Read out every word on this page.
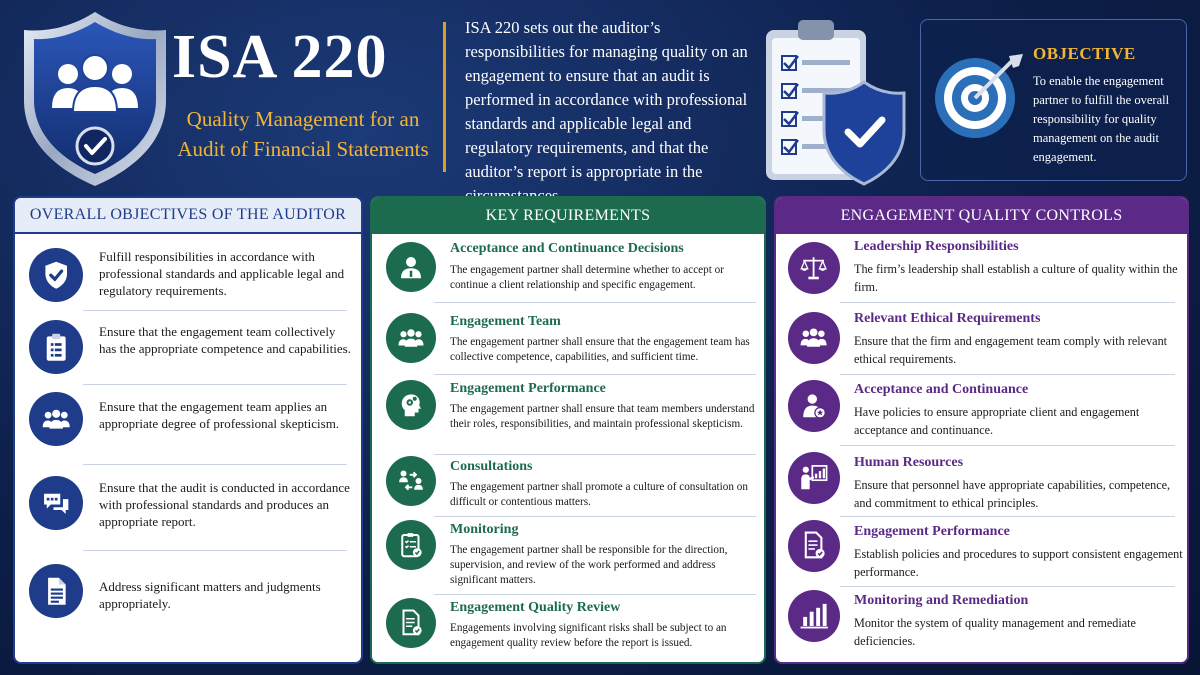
ISA 220
Quality Management for an Audit of Financial Statements
ISA 220 sets out the auditor’s responsibilities for managing quality on an engagement to ensure that an audit is performed in accordance with professional standards and applicable legal and regulatory requirements, and that the auditor’s report is appropriate in the
OBJECTIVE
To enable the engagement partner to fulfill the overall responsibility for quality management on the audit engagement.
OVERALL OBJECTIVES OF THE AUDITOR
Fulfill responsibilities in accordance with professional standards and applicable legal and regulatory requirements.
Ensure that the engagement team collectively has the appropriate competence and capabilities.
Ensure that the engagement team applies an appropriate degree of professional skepticism.
Ensure that the audit is conducted in accordance with professional standards and produces an appropriate report.
Address significant matters and judgments appropriately.
KEY REQUIREMENTS
Acceptance and Continuance Decisions
The engagement partner shall determine whether to accept or continue a client relationship and specific engagement.
Engagement Team
The engagement partner shall ensure that the engagement team has collective competence, capabilities, and sufficient time.
Engagement Performance
The engagement partner shall ensure that team members understand their roles, responsibilities, and maintain professional skepticism.
Consultations
The engagement partner shall promote a culture of consultation on difficult or contentious matters.
Monitoring
The engagement partner shall be responsible for the direction, supervision, and review of the work performed and address significant matters.
Engagement Quality Review
Engagements involving significant risks shall be subject to an engagement quality review before the report is issued.
ENGAGEMENT QUALITY CONTROLS
Leadership Responsibilities
The firm’s leadership shall establish a culture of quality within the firm.
Relevant Ethical Requirements
Ensure that the firm and engagement team comply with relevant ethical requirements.
Acceptance and Continuance
Have policies to ensure appropriate client and engagement acceptance and continuance.
Human Resources
Ensure that personnel have appropriate capabilities, competence, and commitment to ethical principles.
Engagement Performance
Establish policies and procedures to support consistent engagement performance.
Monitoring and Remediation
Monitor the system of quality management and remediate deficiencies.
